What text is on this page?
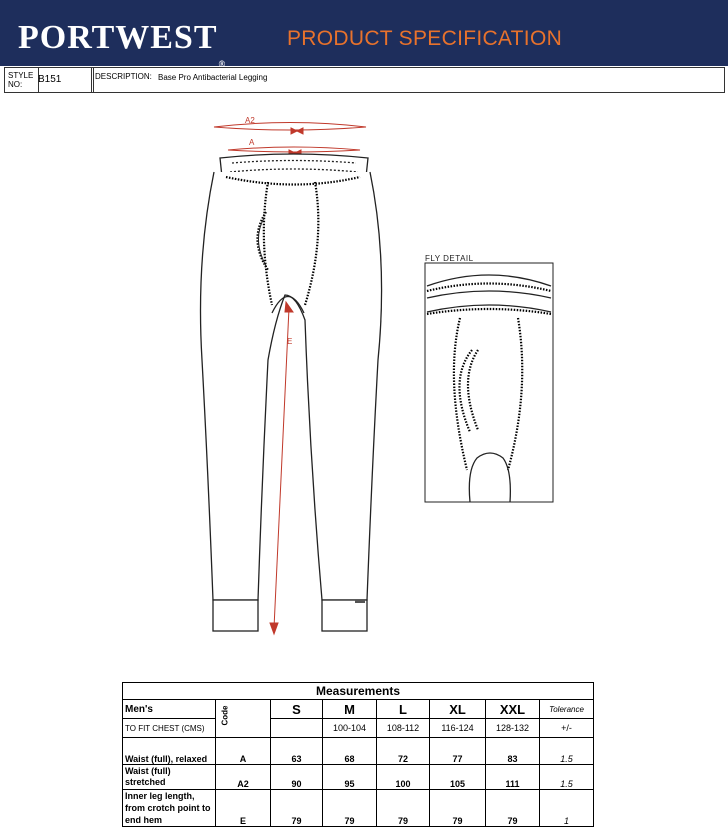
PORTWEST®
PRODUCT SPECIFICATION
STYLE NO:	B151	DESCRIPTION: Base Pro Antibacterial Legging
A2
A
E
FLY DETAIL
Measurements							
Men's	Code	S	M	L	XL	XXL	Tolerance
TO FIT CHEST (CMS)			100-104	108-112	116-124	128-132	+/-
Waist (full), relaxed	A	63	68	72	77	83	1.5
Waist (full) stretched	A2	90	95	100	105	111	1.5
Inner leg length, from crotch point to end hem	E	79	79	79	79	79	1
